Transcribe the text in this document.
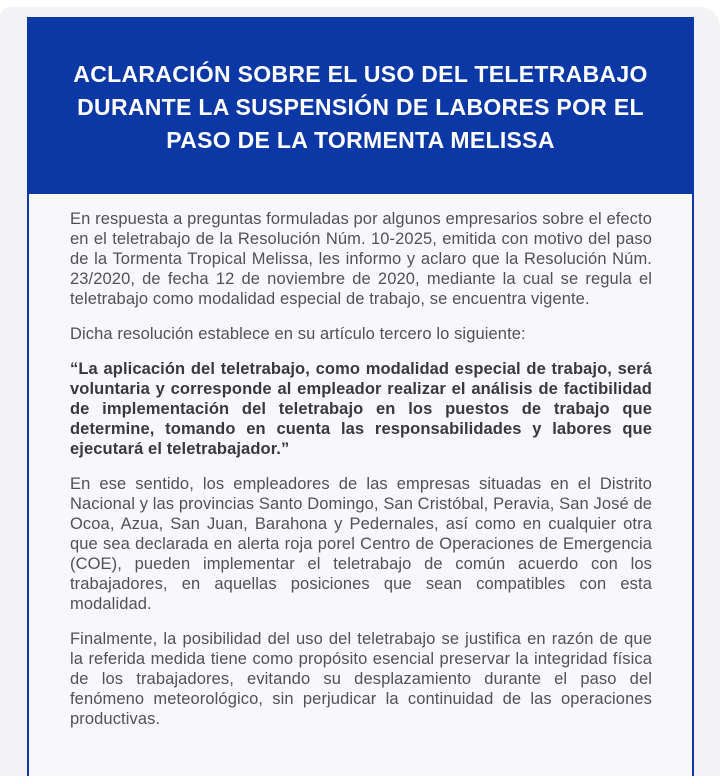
ACLARACIÓN SOBRE EL USO DEL TELETRABAJO
DURANTE LA SUSPENSIÓN DE LABORES POR EL
PASO DE LA TORMENTA MELISSA

En respuesta a preguntas formuladas por algunos empresarios sobre el efecto en el teletrabajo de la Resolución Núm. 10-2025, emitida con motivo del paso de la Tormenta Tropical Melissa, les informo y aclaro que la Resolución Núm. 23/2020, de fecha 12 de noviembre de 2020, mediante la cual se regula el teletrabajo como modalidad especial de trabajo, se encuentra vigente.

Dicha resolución establece en su artículo tercero lo siguiente:

“La aplicación del teletrabajo, como modalidad especial de trabajo, será voluntaria y corresponde al empleador realizar el análisis de factibilidad de implementación del teletrabajo en los puestos de trabajo que determine, tomando en cuenta las responsabilidades y labores que ejecutará el teletrabajador.”

En ese sentido, los empleadores de las empresas situadas en el Distrito Nacional y las provincias Santo Domingo, San Cristóbal, Peravia, San José de Ocoa, Azua, San Juan, Barahona y Pedernales, así como en cualquier otra que sea declarada en alerta roja porel Centro de Operaciones de Emergencia (COE), pueden implementar el teletrabajo de común acuerdo con los trabajadores, en aquellas posiciones que sean compatibles con esta modalidad.

Finalmente, la posibilidad del uso del teletrabajo se justifica en razón de que la referida medida tiene como propósito esencial preservar la integridad física de los trabajadores, evitando su desplazamiento durante el paso del fenómeno meteorológico, sin perjudicar la continuidad de las operaciones productivas.
